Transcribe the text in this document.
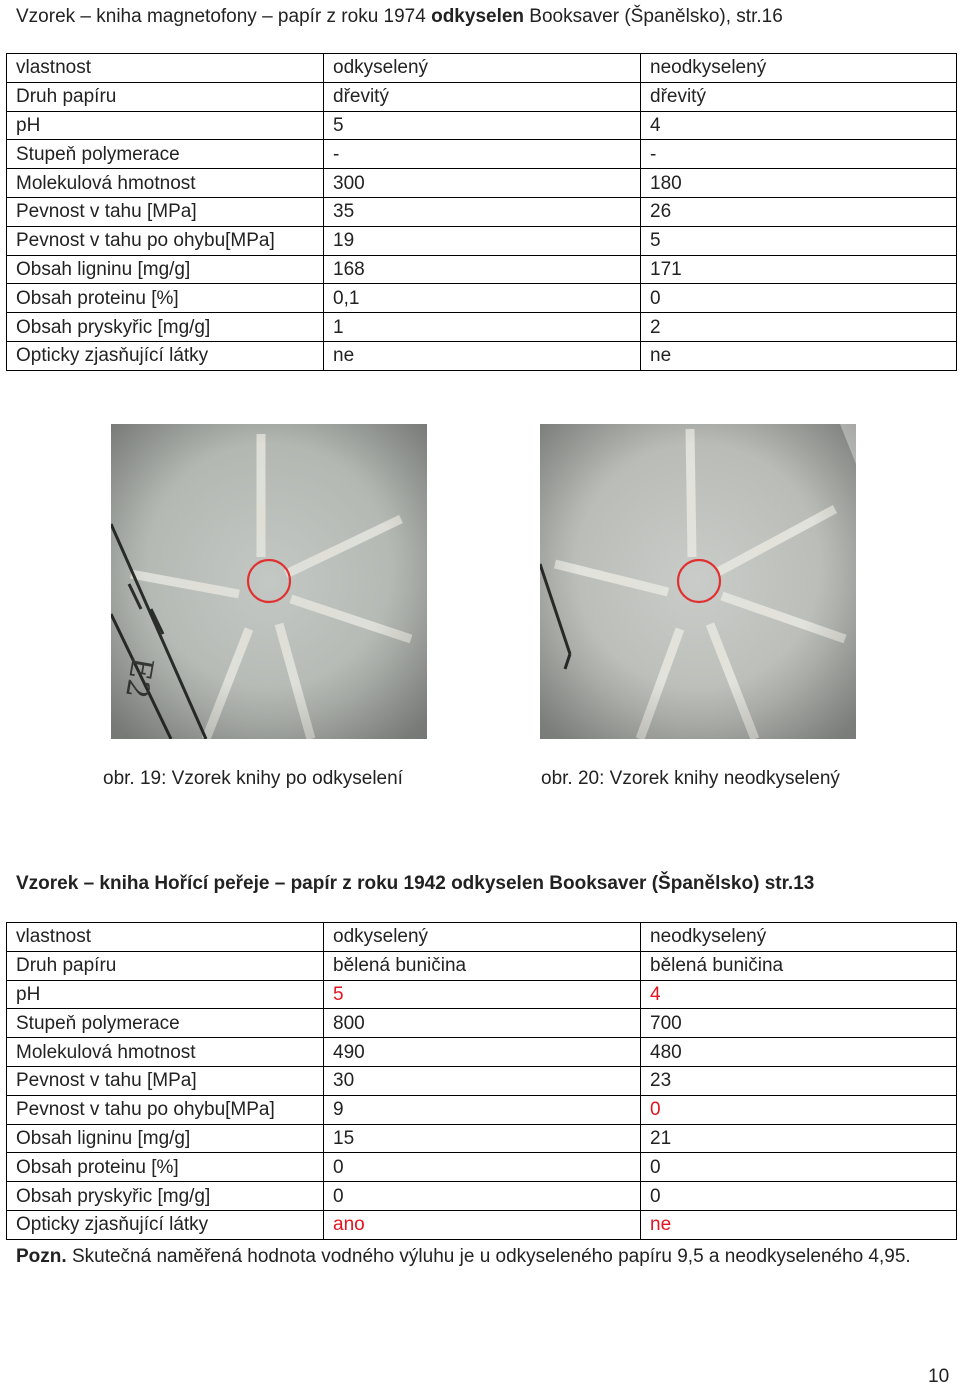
Vzorek – kniha magnetofony – papír z roku 1974 odkyselen Booksaver (Španělsko), str.16
vlastnost	odkyselený	neodkyselený
Druh papíru	dřevitý	dřevitý
pH	5	4
Stupeň polymerace	-	-
Molekulová hmotnost	300	180
Pevnost v tahu [MPa]	35	26
Pevnost v tahu po ohybu[MPa]	19	5
Obsah ligninu [mg/g]	168	171
Obsah proteinu [%]	0,1	0
Obsah pryskyřic [mg/g]	1	2
Opticky zjasňující látky	ne	ne
obr. 19: Vzorek knihy po odkyselení	obr. 20: Vzorek knihy neodkyselený
Vzorek – kniha Hořící peřeje – papír z roku 1942 odkyselen Booksaver (Španělsko) str.13
vlastnost	odkyselený	neodkyselený
Druh papíru	bělená buničina	bělená buničina
pH	5	4
Stupeň polymerace	800	700
Molekulová hmotnost	490	480
Pevnost v tahu [MPa]	30	23
Pevnost v tahu po ohybu[MPa]	9	0
Obsah ligninu [mg/g]	15	21
Obsah proteinu [%]	0	0
Obsah pryskyřic [mg/g]	0	0
Opticky zjasňující látky	ano	ne
Pozn. Skutečná naměřená hodnota vodného výluhu je u odkyseleného papíru 9,5 a neodkyseleného 4,95.
10
